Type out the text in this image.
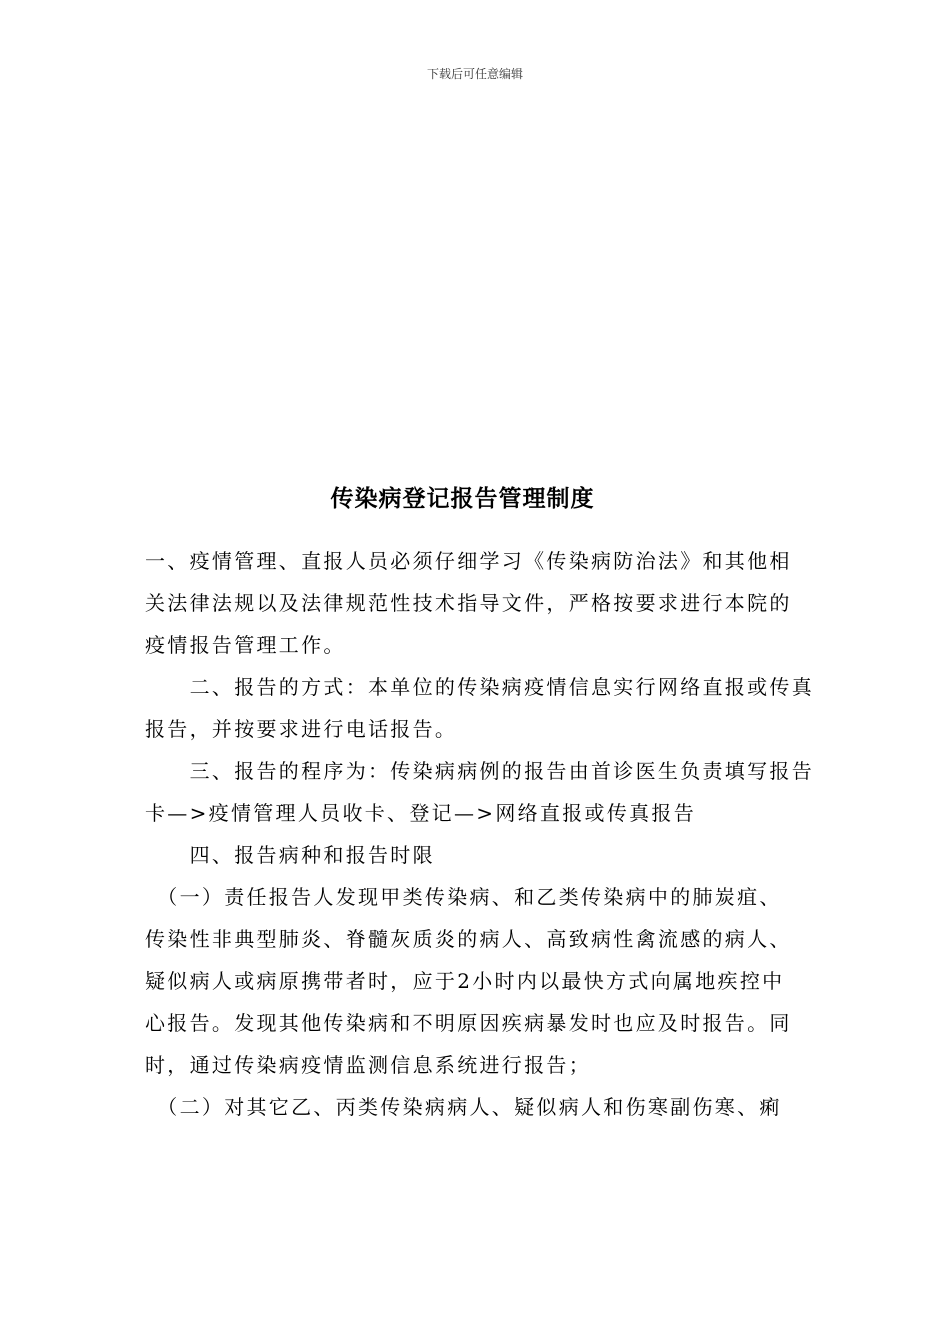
下载后可任意编辑
传染病登记报告管理制度

一、疫情管理、直报人员必须仔细学习《传染病防治法》和其他相
关法律法规以及法律规范性技术指导文件，严格按要求进行本院的
疫情报告管理工作。

　　二、报告的方式：本单位的传染病疫情信息实行网络直报或传真
报告，并按要求进行电话报告。

　　三、报告的程序为：传染病病例的报告由首诊医生负责填写报告
卡—>疫情管理人员收卡、登记—>网络直报或传真报告

　　四、报告病种和报告时限

　（一）责任报告人发现甲类传染病、和乙类传染病中的肺炭疽、
传染性非典型肺炎、脊髓灰质炎的病人、高致病性禽流感的病人、
疑似病人或病原携带者时，应于2小时内以最快方式向属地疾控中
心报告。发现其他传染病和不明原因疾病暴发时也应及时报告。同
时，通过传染病疫情监测信息系统进行报告；

　（二）对其它乙、丙类传染病病人、疑似病人和伤寒副伤寒、痢
